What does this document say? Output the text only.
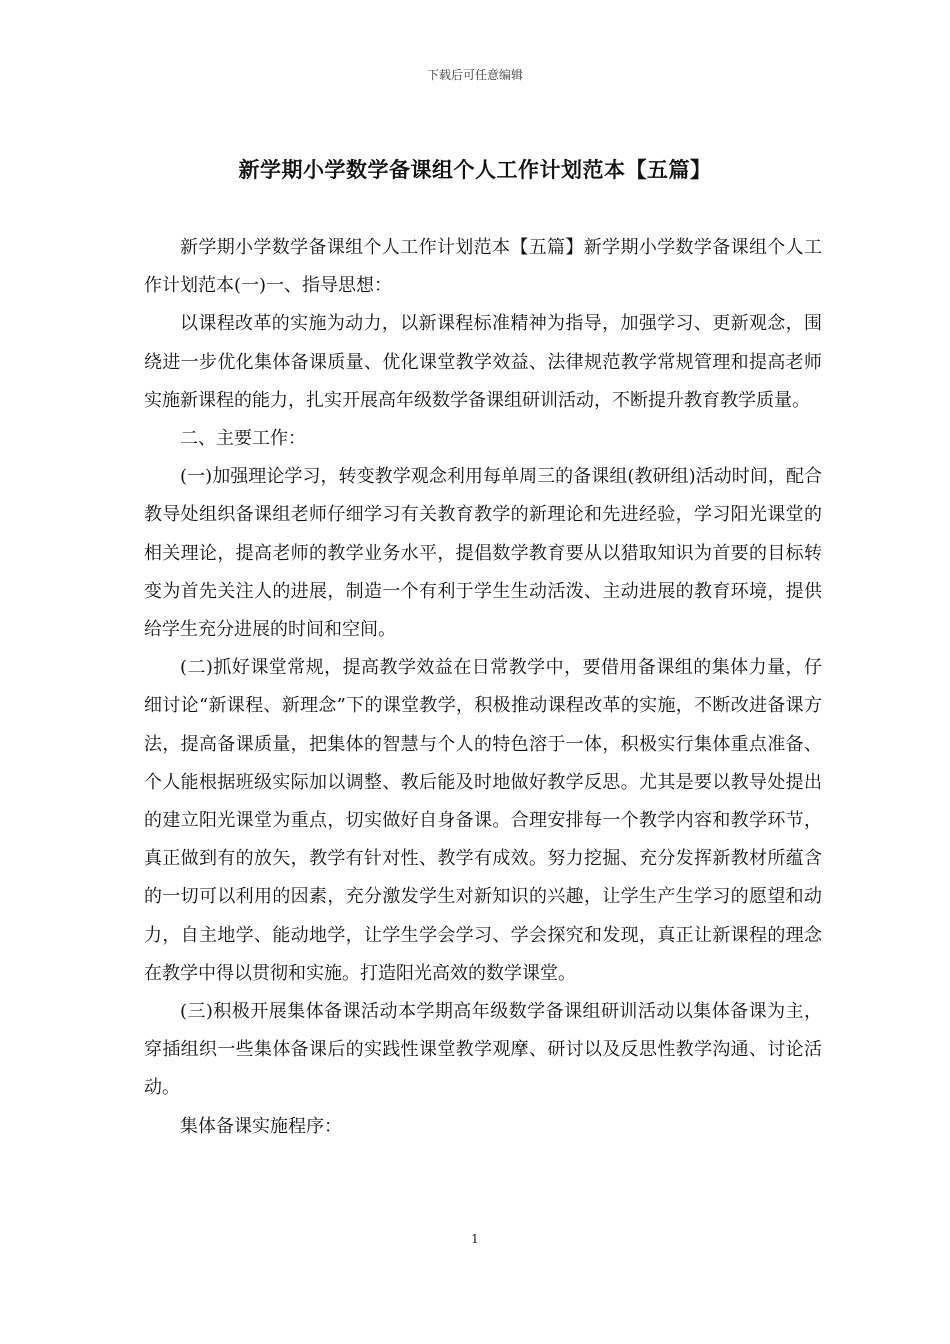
下载后可任意编辑
新学期小学数学备课组个人工作计划范本【五篇】

新学期小学数学备课组个人工作计划范本【五篇】新学期小学数学备课组个人工作计划范本(一)一、指导思想：

以课程改革的实施为动力，以新课程标准精神为指导，加强学习、更新观念，围绕进一步优化集体备课质量、优化课堂教学效益、法律规范教学常规管理和提高老师实施新课程的能力，扎实开展高年级数学备课组研训活动，不断提升教育教学质量。

二、主要工作：

(一)加强理论学习，转变教学观念利用每单周三的备课组(教研组)活动时间，配合教导处组织备课组老师仔细学习有关教育教学的新理论和先进经验，学习阳光课堂的相关理论，提高老师的教学业务水平，提倡数学教育要从以猎取知识为首要的目标转变为首先关注人的进展，制造一个有利于学生生动活泼、主动进展的教育环境，提供给学生充分进展的时间和空间。

(二)抓好课堂常规，提高教学效益在日常教学中，要借用备课组的集体力量，仔细讨论“新课程、新理念”下的课堂教学，积极推动课程改革的实施，不断改进备课方法，提高备课质量，把集体的智慧与个人的特色溶于一体，积极实行集体重点准备、个人能根据班级实际加以调整、教后能及时地做好教学反思。尤其是要以教导处提出的建立阳光课堂为重点，切实做好自身备课。合理安排每一个教学内容和教学环节，真正做到有的放矢，教学有针对性、教学有成效。努力挖掘、充分发挥新教材所蕴含的一切可以利用的因素，充分激发学生对新知识的兴趣，让学生产生学习的愿望和动力，自主地学、能动地学，让学生学会学习、学会探究和发现，真正让新课程的理念在教学中得以贯彻和实施。打造阳光高效的数学课堂。

(三)积极开展集体备课活动本学期高年级数学备课组研训活动以集体备课为主，穿插组织一些集体备课后的实践性课堂教学观摩、研讨以及反思性教学沟通、讨论活动。

集体备课实施程序：

1
